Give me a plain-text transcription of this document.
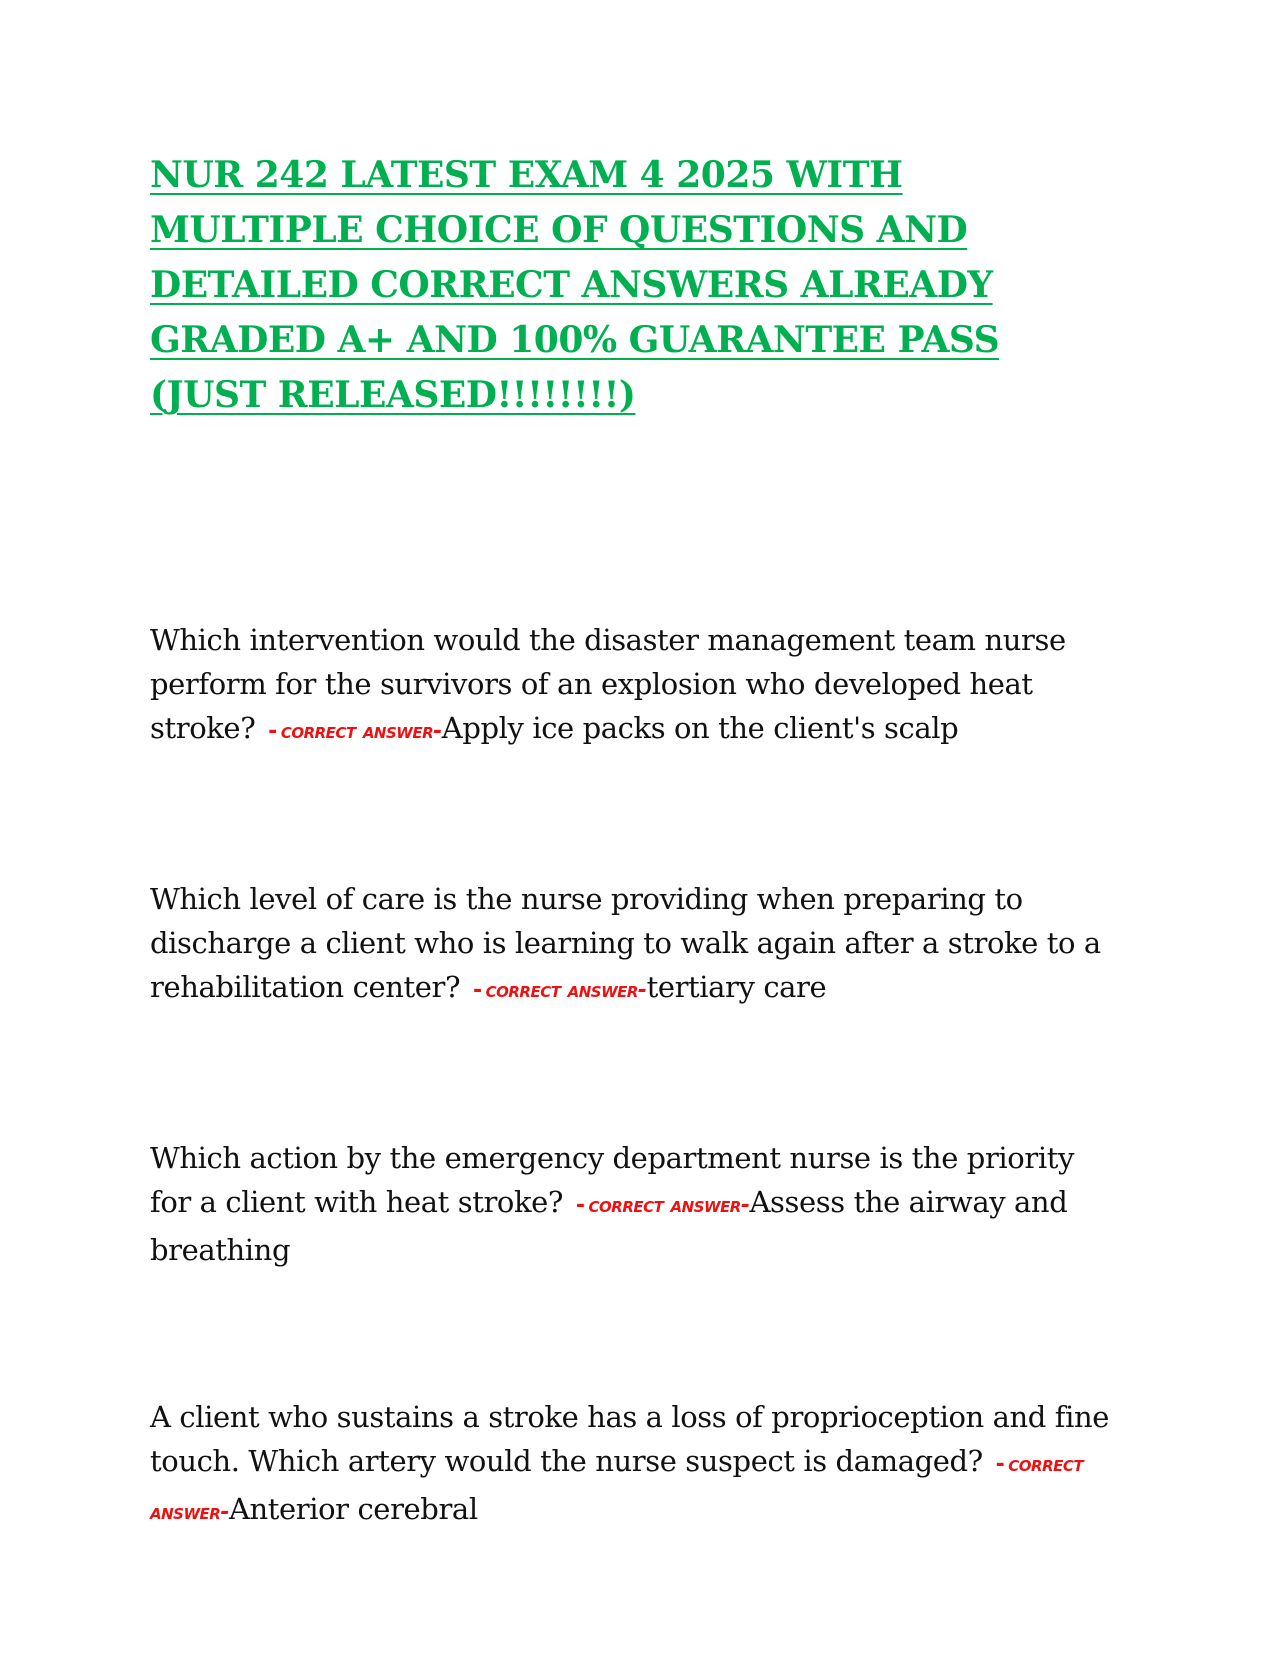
NUR 242 LATEST EXAM 4 2025 WITH MULTIPLE CHOICE OF QUESTIONS AND DETAILED CORRECT ANSWERS ALREADY GRADED A+ AND 100% GUARANTEE PASS (JUST RELEASED!!!!!!!!)
Which intervention would the disaster management team nurse perform for the survivors of an explosion who developed heat stroke? - correct answer-Apply ice packs on the client's scalp
Which level of care is the nurse providing when preparing to discharge a client who is learning to walk again after a stroke to a rehabilitation center? - correct answer-tertiary care
Which action by the emergency department nurse is the priority for a client with heat stroke? - correct answer-Assess the airway and breathing
A client who sustains a stroke has a loss of proprioception and fine touch. Which artery would the nurse suspect is damaged? - correct answer-Anterior cerebral
